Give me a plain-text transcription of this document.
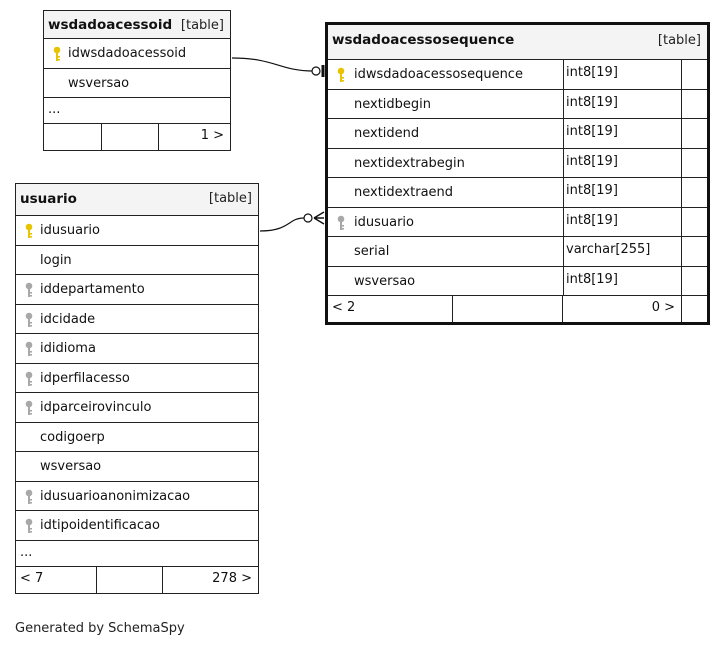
wsdadoacessoid [table]
idwsdadoacessoid
wsversao
...
1 >
wsdadoacessosequence	[table]
idwsdadoacessosequence	int8[19]
nextidbegin	int8[19]
nextidend	int8[19]
nextidextrabegin	int8[19]
nextidextraend	int8[19]
idusuario	int8[19]
serial	varchar[255]
wsversao	int8[19]
< 2	0 >
usuario	[table]
idusuario
login
iddepartamento
idcidade
ididioma
idperfilacesso
idparceirovinculo
codigoerp
wsversao
idusuarioanonimizacao
idtipoidentificacao
...
< 7	278 >
Generated by SchemaSpy
